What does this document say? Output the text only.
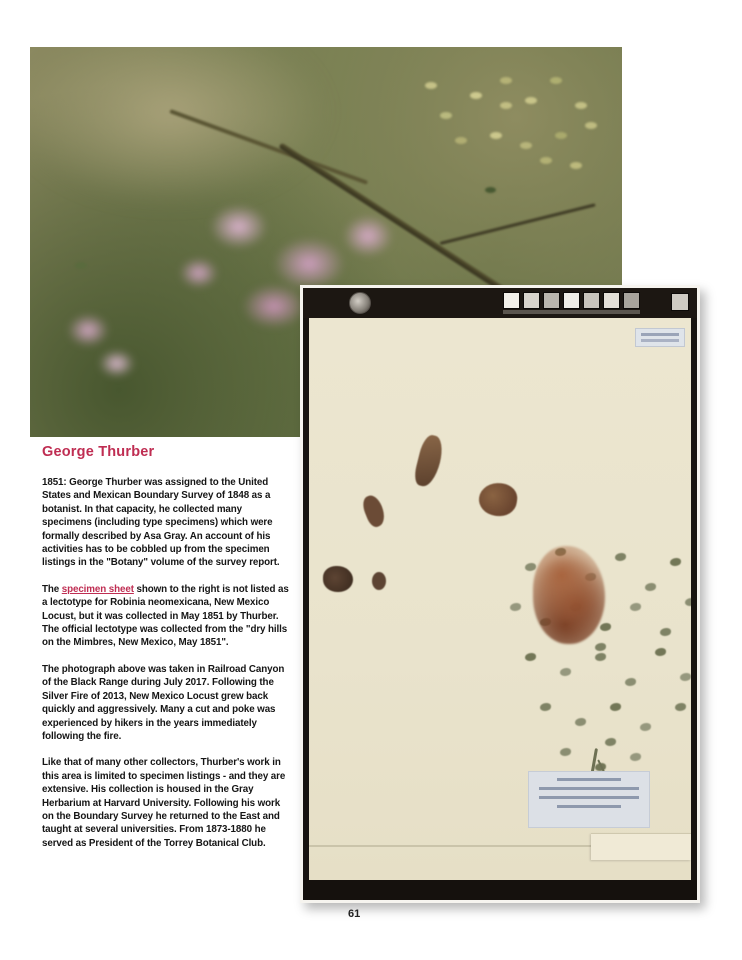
George Thurber

1851: George Thurber was assigned to the United States and Mexican Boundary Survey of 1848 as a botanist. In that capacity, he collected many specimens (including type specimens) which were formally described by Asa Gray. An account of his activities has to be cobbled up from the specimen listings in the "Botany" volume of the survey report.

The specimen sheet shown to the right is not listed as a lectotype for Robinia neomexicana, New Mexico Locust, but it was collected in May 1851 by Thurber. The official lectotype was collected from the "dry hills on the Mimbres, New Mexico, May 1851".

The photograph above was taken in Railroad Canyon of the Black Range during July 2017. Following the Silver Fire of 2013, New Mexico Locust grew back quickly and aggressively. Many a cut and poke was experienced by hikers in the years immediately following the fire.

Like that of many other collectors, Thurber's work in this area is limited to specimen listings - and they are extensive. His collection is housed in the Gray Herbarium at Harvard University. Following his work on the Boundary Survey he returned to the East and taught at several universities. From 1873-1880 he served as President of the Torrey Botanical Club.

61
